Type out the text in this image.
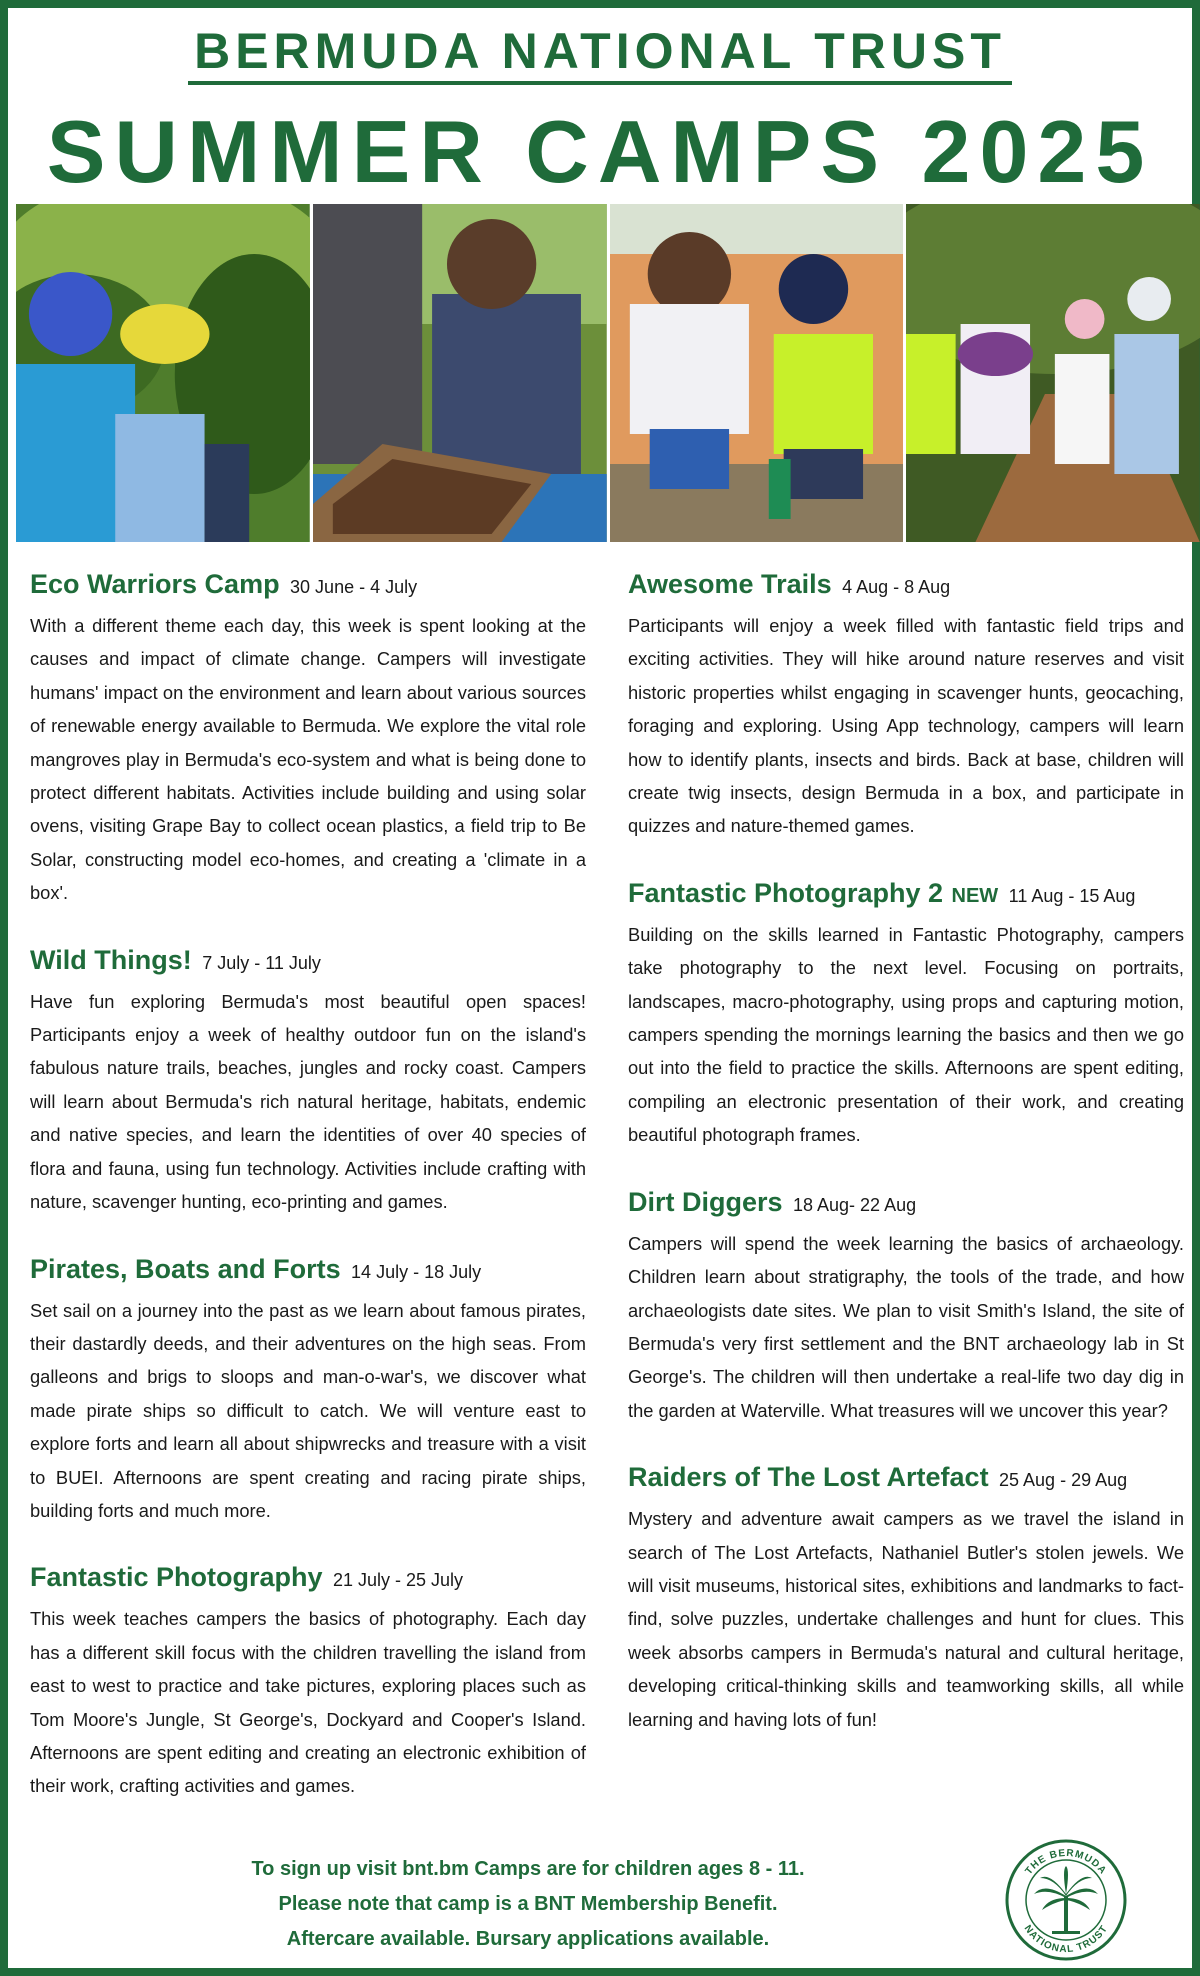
BERMUDA NATIONAL TRUST
SUMMER CAMPS 2025
Eco Warriors Camp 30 June - 4 July

With a different theme each day, this week is spent looking at the causes and impact of climate change. Campers will investigate humans' impact on the environment and learn about various sources of renewable energy available to Bermuda. We explore the vital role mangroves play in Bermuda's eco-system and what is being done to protect different habitats. Activities include building and using solar ovens, visiting Grape Bay to collect ocean plastics, a field trip to Be Solar, constructing model eco-homes, and creating a 'climate in a box'.

Wild Things! 7 July - 11 July

Have fun exploring Bermuda's most beautiful open spaces! Participants enjoy a week of healthy outdoor fun on the island's fabulous nature trails, beaches, jungles and rocky coast. Campers will learn about Bermuda's rich natural heritage, habitats, endemic and native species, and learn the identities of over 40 species of flora and fauna, using fun technology. Activities include crafting with nature, scavenger hunting, eco-printing and games.

Pirates, Boats and Forts 14 July - 18 July

Set sail on a journey into the past as we learn about famous pirates, their dastardly deeds, and their adventures on the high seas. From galleons and brigs to sloops and man-o-war's, we discover what made pirate ships so difficult to catch. We will venture east to explore forts and learn all about shipwrecks and treasure with a visit to BUEI. Afternoons are spent creating and racing pirate ships, building forts and much more.

Fantastic Photography 21 July - 25 July

This week teaches campers the basics of photography. Each day has a different skill focus with the children travelling the island from east to west to practice and take pictures, exploring places such as Tom Moore's Jungle, St George's, Dockyard and Cooper's Island. Afternoons are spent editing and creating an electronic exhibition of their work, crafting activities and games.

Awesome Trails 4 Aug - 8 Aug

Participants will enjoy a week filled with fantastic field trips and exciting activities. They will hike around nature reserves and visit historic properties whilst engaging in scavenger hunts, geocaching, foraging and exploring. Using App technology, campers will learn how to identify plants, insects and birds. Back at base, children will create twig insects, design Bermuda in a box, and participate in quizzes and nature-themed games.

Fantastic Photography 2 NEW 11 Aug - 15 Aug

Building on the skills learned in Fantastic Photography, campers take photography to the next level. Focusing on portraits, landscapes, macro-photography, using props and capturing motion, campers spending the mornings learning the basics and then we go out into the field to practice the skills. Afternoons are spent editing, compiling an electronic presentation of their work, and creating beautiful photograph frames.

Dirt Diggers 18 Aug- 22 Aug

Campers will spend the week learning the basics of archaeology. Children learn about stratigraphy, the tools of the trade, and how archaeologists date sites. We plan to visit Smith's Island, the site of Bermuda's very first settlement and the BNT archaeology lab in St George's. The children will then undertake a real-life two day dig in the garden at Waterville. What treasures will we uncover this year?

Raiders of The Lost Artefact 25 Aug - 29 Aug

Mystery and adventure await campers as we travel the island in search of The Lost Artefacts, Nathaniel Butler's stolen jewels. We will visit museums, historical sites, exhibitions and landmarks to fact-find, solve puzzles, undertake challenges and hunt for clues. This week absorbs campers in Bermuda's natural and cultural heritage, developing critical-thinking skills and teamworking skills, all while learning and having lots of fun!

To sign up visit bnt.bm Camps are for children ages 8 - 11.
Please note that camp is a BNT Membership Benefit.
Aftercare available. Bursary applications available.
THE BERMUDA
NATIONAL TRUST
